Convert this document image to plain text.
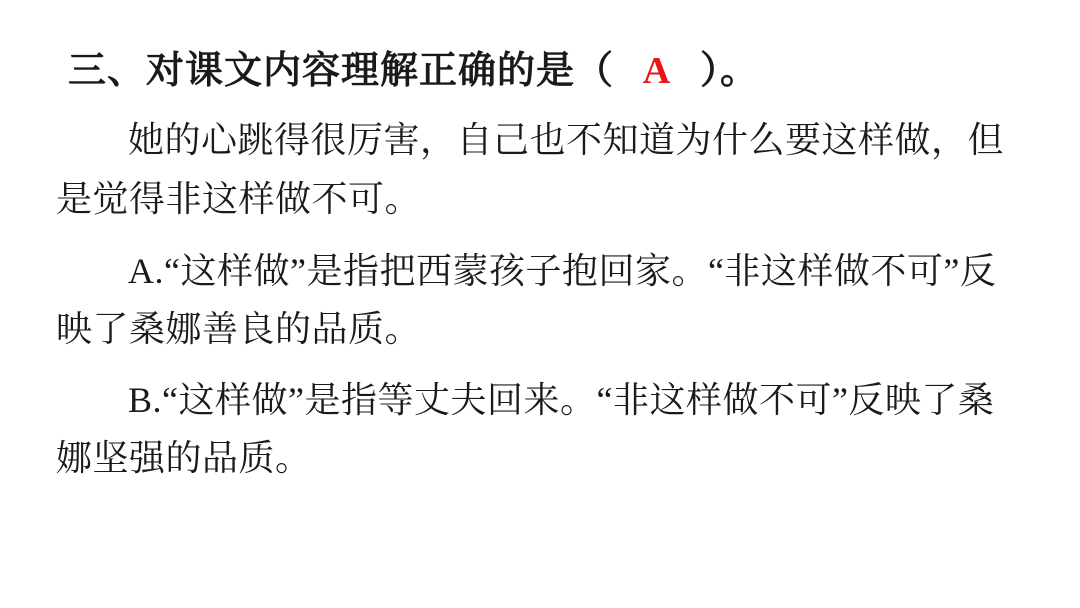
三、对课文内容理解正确的是（ A ）。

她的心跳得很厉害，自己也不知道为什么要这样做，但是觉得非这样做不可。

A.“这样做”是指把西蒙孩子抱回家。“非这样做不可”反映了桑娜善良的品质。

B.“这样做”是指等丈夫回来。“非这样做不可”反映了桑娜坚强的品质。
